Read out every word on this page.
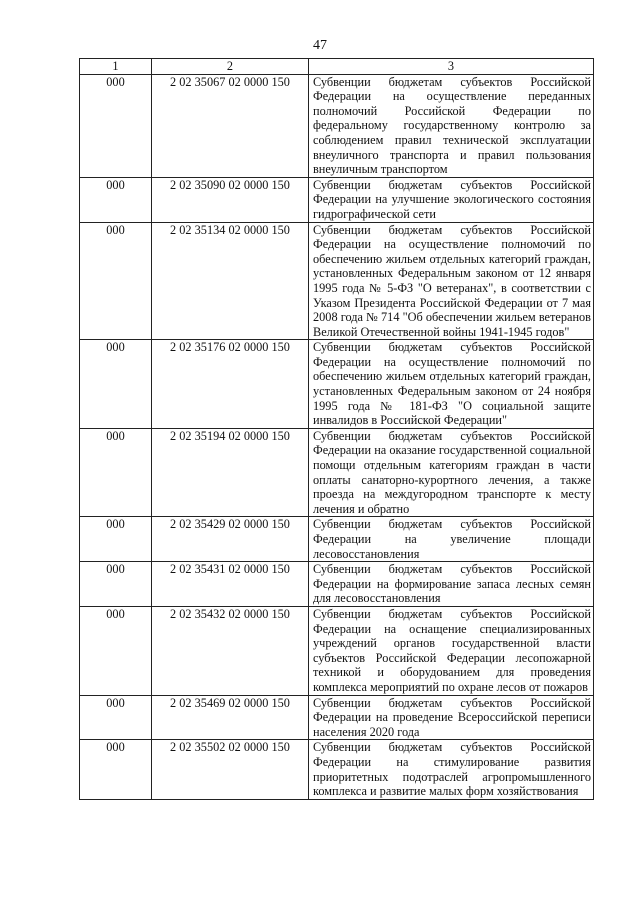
47
1	2	3
000	2 02 35067 02 0000 150	Субвенции бюджетам субъектов Российской Федерации на осуществление переданных полномочий Российской Федерации по федеральному государственному контролю за соблюдением правил технической эксплуатации внеуличного транспорта и правил пользования внеуличным транспортом
000	2 02 35090 02 0000 150	Субвенции бюджетам субъектов Российской Федерации на улучшение экологического состояния гидрографической сети
000	2 02 35134 02 0000 150	Субвенции бюджетам субъектов Российской Федерации на осуществление полномочий по обеспечению жильем отдельных категорий граждан, установленных Федеральным законом от 12 января 1995 года № 5-ФЗ "О ветеранах", в соответствии с Указом Президента Российской Федерации от 7 мая 2008 года № 714 "Об обеспечении жильем ветеранов Великой Отечественной войны 1941-1945 годов"
000	2 02 35176 02 0000 150	Субвенции бюджетам субъектов Российской Федерации на осуществление полномочий по обеспечению жильем отдельных категорий граждан, установленных Федеральным законом от 24 ноября 1995 года № 181-ФЗ "О социальной защите инвалидов в Российской Федерации"
000	2 02 35194 02 0000 150	Субвенции бюджетам субъектов Российской Федерации на оказание государственной социальной помощи отдельным категориям граждан в части оплаты санаторно-курортного лечения, а также проезда на междугородном транспорте к месту лечения и обратно
000	2 02 35429 02 0000 150	Субвенции бюджетам субъектов Российской Федерации на увеличение площади лесовосстановления
000	2 02 35431 02 0000 150	Субвенции бюджетам субъектов Российской Федерации на формирование запаса лесных семян для лесовосстановления
000	2 02 35432 02 0000 150	Субвенции бюджетам субъектов Российской Федерации на оснащение специализированных учреждений органов государственной власти субъектов Российской Федерации лесопожарной техникой и оборудованием для проведения комплекса мероприятий по охране лесов от пожаров
000	2 02 35469 02 0000 150	Субвенции бюджетам субъектов Российской Федерации на проведение Всероссийской переписи населения 2020 года
000	2 02 35502 02 0000 150	Субвенции бюджетам субъектов Российской Федерации на стимулирование развития приоритетных подотраслей агропромышленного комплекса и развитие малых форм хозяйствования
